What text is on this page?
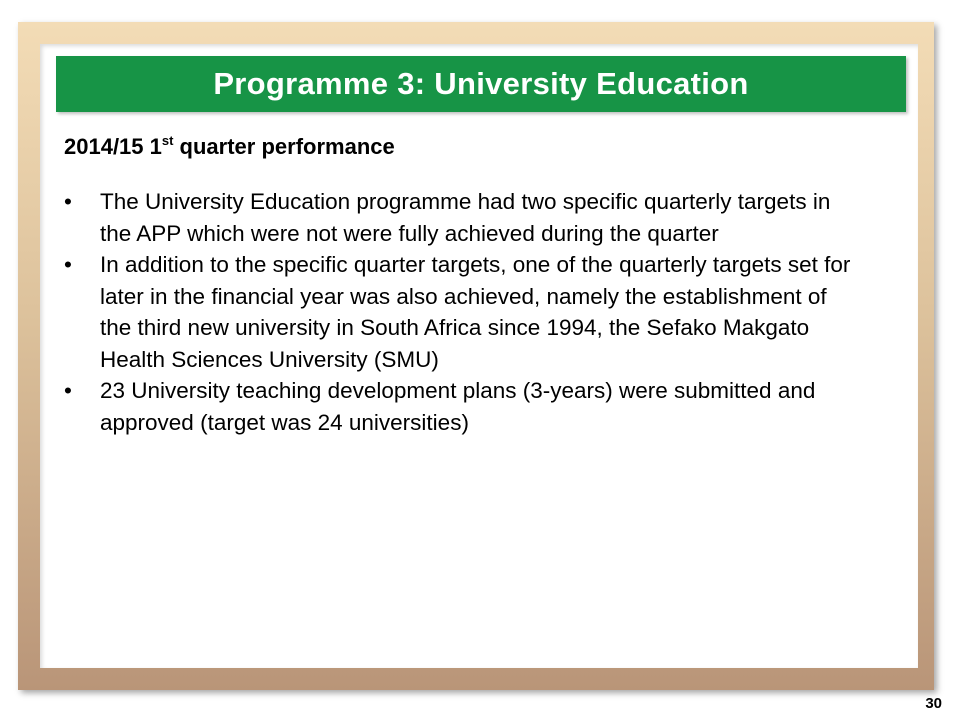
Programme 3: University Education
2014/15 1st quarter performance
• The University Education programme had two specific quarterly targets in the APP which were not were fully achieved during the quarter
• In addition to the specific quarter targets, one of the quarterly targets set for later in the financial year was also achieved, namely the establishment of the third new university in South Africa since 1994, the Sefako Makgato Health Sciences University (SMU)
• 23 University teaching development plans (3-years) were submitted and approved (target was 24 universities)
30
